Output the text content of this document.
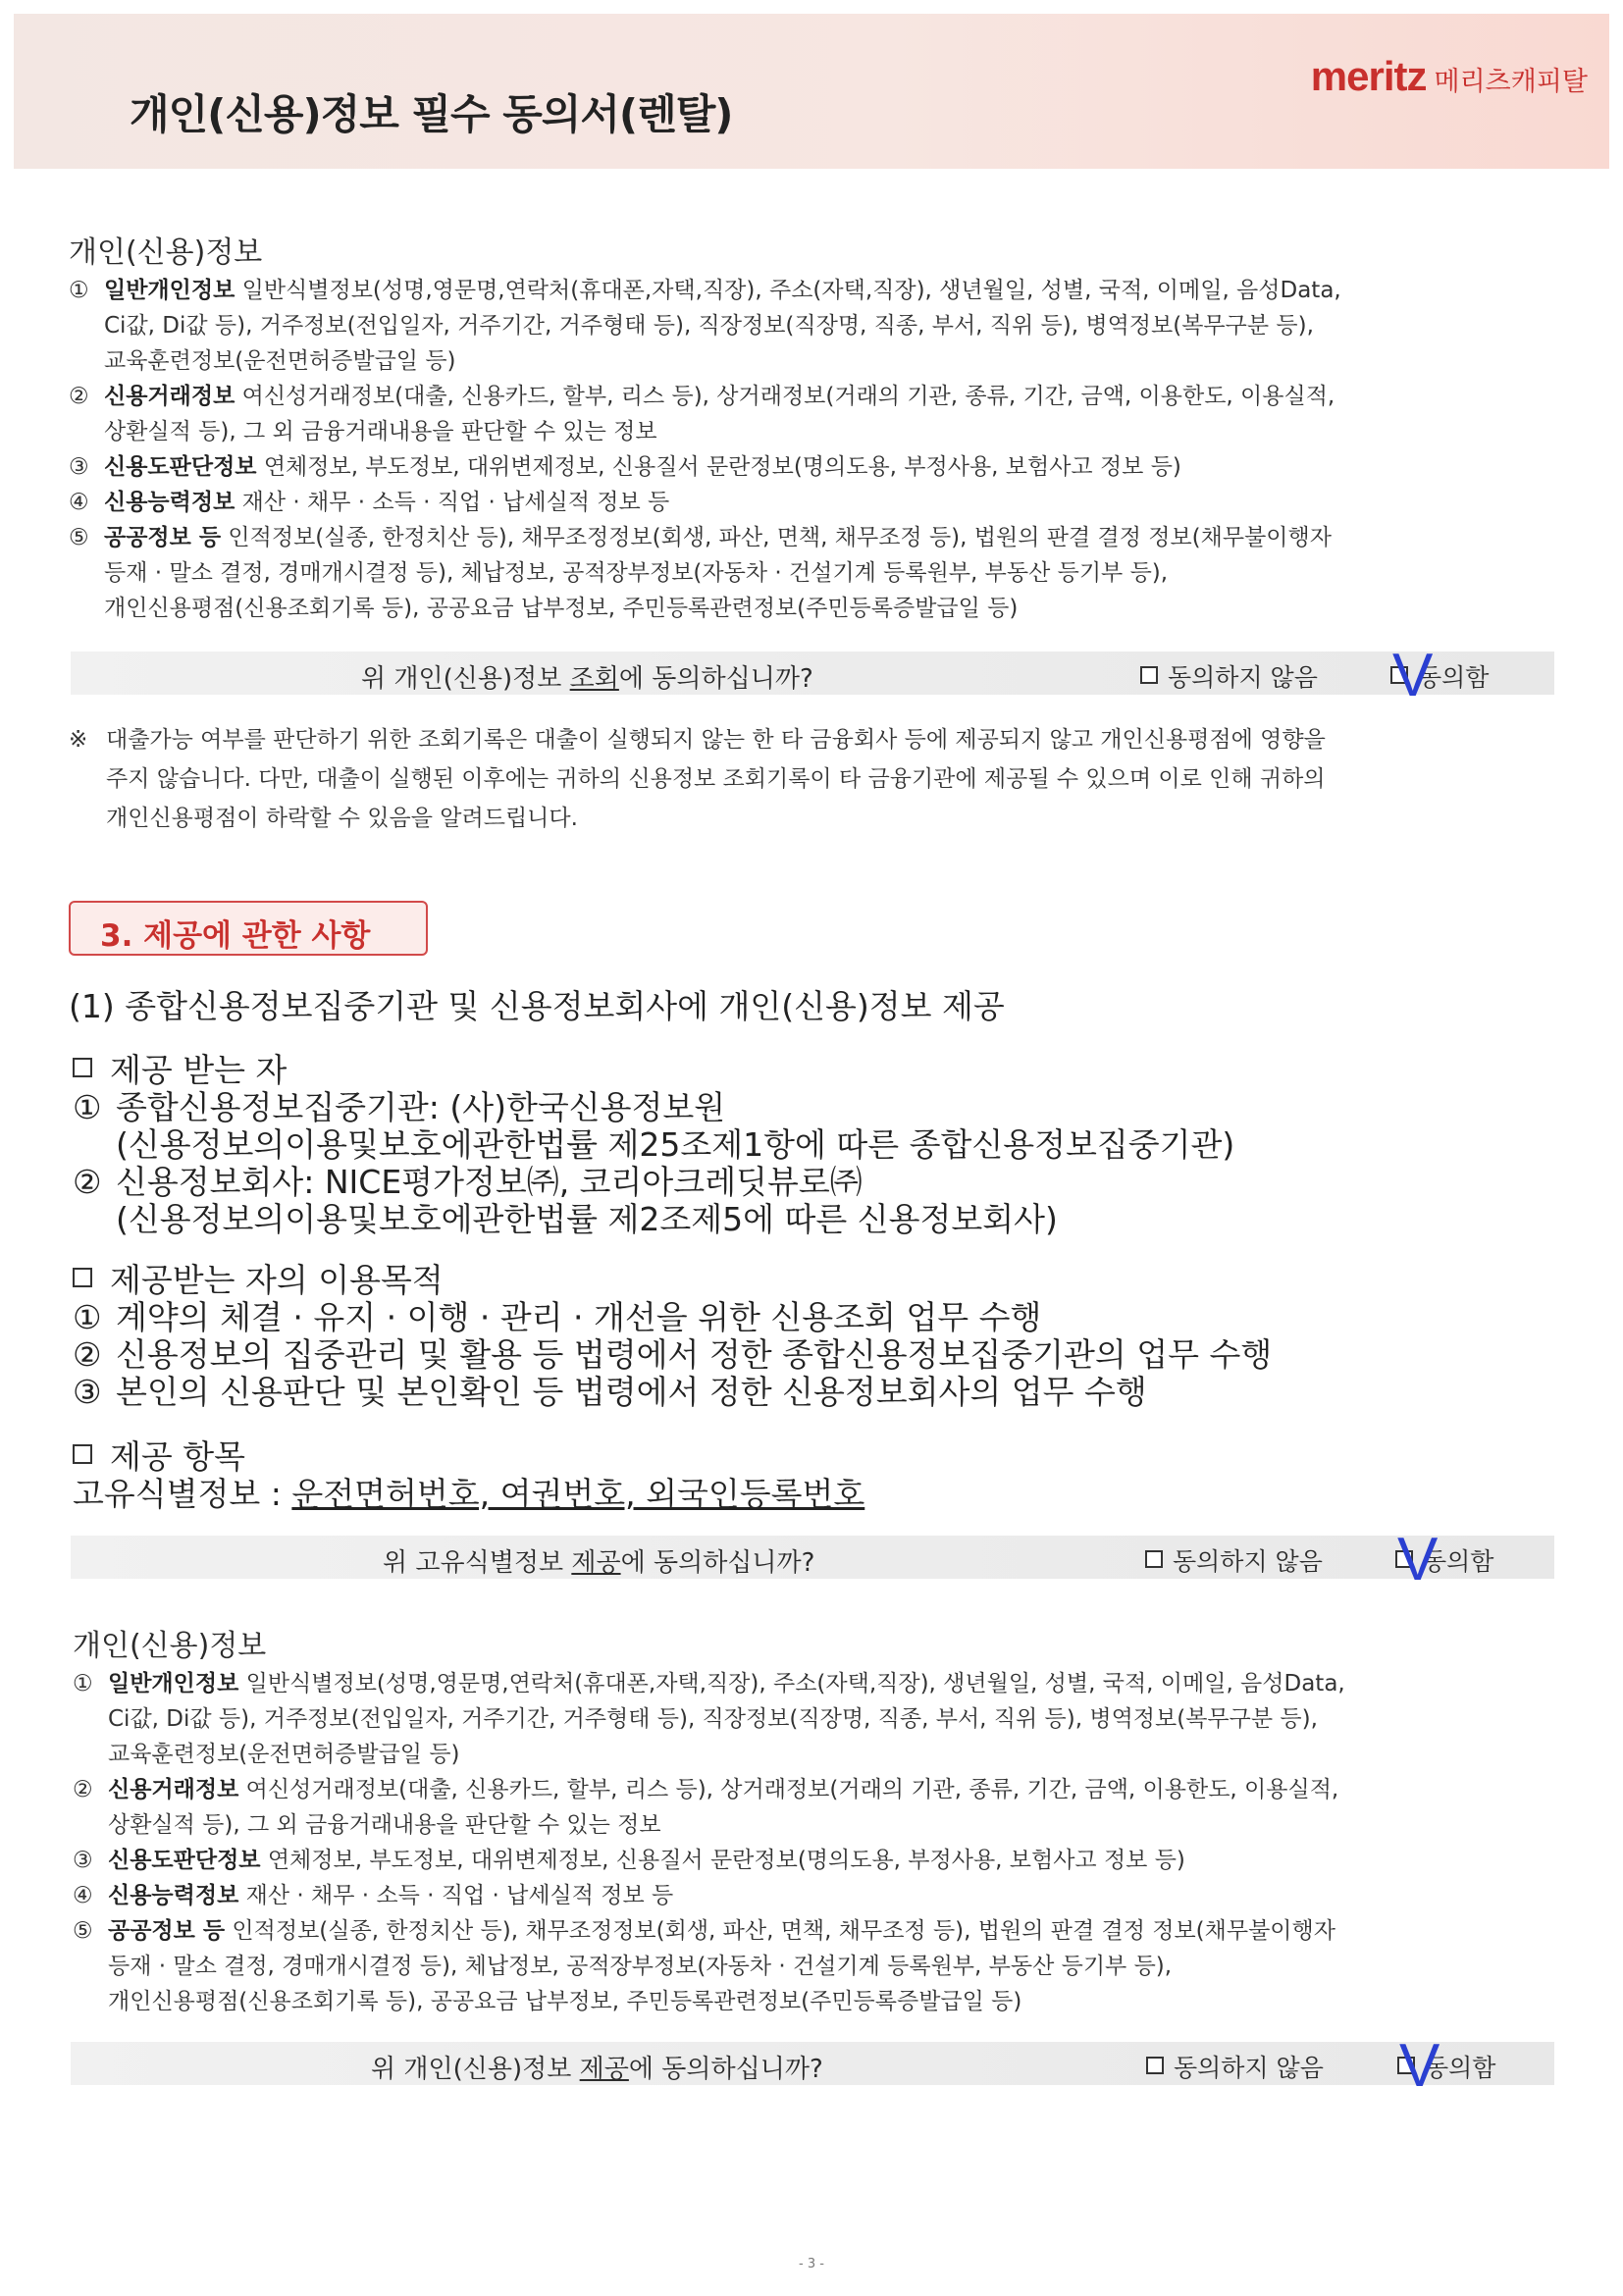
개인(신용)정보 필수 동의서(렌탈)
meritz 메리츠캐피탈
개인(신용)정보
① 일반개인정보 일반식별정보(성명,영문명,연락처(휴대폰,자택,직장), 주소(자택,직장), 생년월일, 성별, 국적, 이메일, 음성Data,
Ci값, Di값 등), 거주정보(전입일자, 거주기간, 거주형태 등), 직장정보(직장명, 직종, 부서, 직위 등), 병역정보(복무구분 등),
교육훈련정보(운전면허증발급일 등)
② 신용거래정보 여신성거래정보(대출, 신용카드, 할부, 리스 등), 상거래정보(거래의 기관, 종류, 기간, 금액, 이용한도, 이용실적,
상환실적 등), 그 외 금융거래내용을 판단할 수 있는 정보
③ 신용도판단정보 연체정보, 부도정보, 대위변제정보, 신용질서 문란정보(명의도용, 부정사용, 보험사고 정보 등)
④ 신용능력정보 재산 · 채무 · 소득 · 직업 · 납세실적 정보 등
⑤ 공공정보 등 인적정보(실종, 한정치산 등), 채무조정정보(회생, 파산, 면책, 채무조정 등), 법원의 판결 결정 정보(채무불이행자
등재 · 말소 결정, 경매개시결정 등), 체납정보, 공적장부정보(자동차 · 건설기계 등록원부, 부동산 등기부 등),
개인신용평점(신용조회기록 등), 공공요금 납부정보, 주민등록관련정보(주민등록증발급일 등)
위 개인(신용)정보 조회에 동의하십니까?	동의하지 않음	동의함
V
※ 대출가능 여부를 판단하기 위한 조회기록은 대출이 실행되지 않는 한 타 금융회사 등에 제공되지 않고 개인신용평점에 영향을
주지 않습니다. 다만, 대출이 실행된 이후에는 귀하의 신용정보 조회기록이 타 금융기관에 제공될 수 있으며 이로 인해 귀하의
개인신용평점이 하락할 수 있음을 알려드립니다.
3. 제공에 관한 사항
(1) 종합신용정보집중기관 및 신용정보회사에 개인(신용)정보 제공
제공 받는 자
① 종합신용정보집중기관: (사)한국신용정보원
(신용정보의이용및보호에관한법률 제25조제1항에 따른 종합신용정보집중기관)
② 신용정보회사: NICE평가정보㈜, 코리아크레딧뷰로㈜
(신용정보의이용및보호에관한법률 제2조제5에 따른 신용정보회사)
제공받는 자의 이용목적
① 계약의 체결 · 유지 · 이행 · 관리 · 개선을 위한 신용조회 업무 수행
② 신용정보의 집중관리 및 활용 등 법령에서 정한 종합신용정보집중기관의 업무 수행
③ 본인의 신용판단 및 본인확인 등 법령에서 정한 신용정보회사의 업무 수행
제공 항목
고유식별정보 : 운전면허번호, 여권번호, 외국인등록번호
위 고유식별정보 제공에 동의하십니까?	동의하지 않음	동의함
V
개인(신용)정보
① 일반개인정보 일반식별정보(성명,영문명,연락처(휴대폰,자택,직장), 주소(자택,직장), 생년월일, 성별, 국적, 이메일, 음성Data,
Ci값, Di값 등), 거주정보(전입일자, 거주기간, 거주형태 등), 직장정보(직장명, 직종, 부서, 직위 등), 병역정보(복무구분 등),
교육훈련정보(운전면허증발급일 등)
② 신용거래정보 여신성거래정보(대출, 신용카드, 할부, 리스 등), 상거래정보(거래의 기관, 종류, 기간, 금액, 이용한도, 이용실적,
상환실적 등), 그 외 금융거래내용을 판단할 수 있는 정보
③ 신용도판단정보 연체정보, 부도정보, 대위변제정보, 신용질서 문란정보(명의도용, 부정사용, 보험사고 정보 등)
④ 신용능력정보 재산 · 채무 · 소득 · 직업 · 납세실적 정보 등
⑤ 공공정보 등 인적정보(실종, 한정치산 등), 채무조정정보(회생, 파산, 면책, 채무조정 등), 법원의 판결 결정 정보(채무불이행자
등재 · 말소 결정, 경매개시결정 등), 체납정보, 공적장부정보(자동차 · 건설기계 등록원부, 부동산 등기부 등),
개인신용평점(신용조회기록 등), 공공요금 납부정보, 주민등록관련정보(주민등록증발급일 등)
위 개인(신용)정보 제공에 동의하십니까?	동의하지 않음	동의함
V
- 3 -
